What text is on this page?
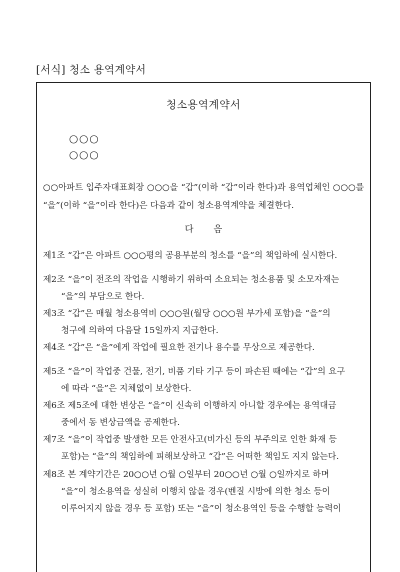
[서식] 청소 용역계약서
청소용역계약서
○○○
○○○
○○아파트 입주자대표회장 ○○○을 “갑”(이하 “갑”이라 한다)과 용역업체인 ○○○를 “을”(이하 “을”이라 한다)은 다음과 같이 청소용역계약을 체결한다.
다 음
제1조 “갑”은 아파트 ○○○평의 공용부분의 청소를 “을”의 책임하에 실시한다.
제2조 “을”이 전조의 작업을 시행하기 위하여 소요되는 청소용품 및 소모자재는
“을”의 부담으로 한다.
제3조 “갑”은 매월 청소용역비 ○○○원(월당 ○○○원 부가세 포함)을 “을”의
청구에 의하여 다음달 15일까지 지급한다.
제4조 “갑”은 “을”에게 작업에 필요한 전기나 용수를 무상으로 제공한다.
제5조 “을”이 작업중 건물, 전기, 비품 기타 기구 등이 파손된 때에는 “갑”의 요구
에 따라 “을”은 지체없이 보상한다.
제6조 제5조에 대한 변상은 “을”이 신속히 이행하지 아니할 경우에는 용역대금
중에서 동 변상금액을 공제한다.
제7조 “을”이 작업중 발생한 모든 안전사고(비가신 등의 부주의로 인한 화재 등
포함)는 “을”의 책임하에 피해보상하고 “갑”은 어떠한 책임도 지지 않는다.
제8조 본 계약기간은 20○○년 ○월 ○일부터 20○○년 ○월 ○일까지로 하며
“을”이 청소용역을 성실히 이행치 않을 경우(벤질 시방에 의한 청소 등이
이루어지지 않을 경우 등 포함) 또는 “을”이 청소용역인 등을 수행할 능력이
